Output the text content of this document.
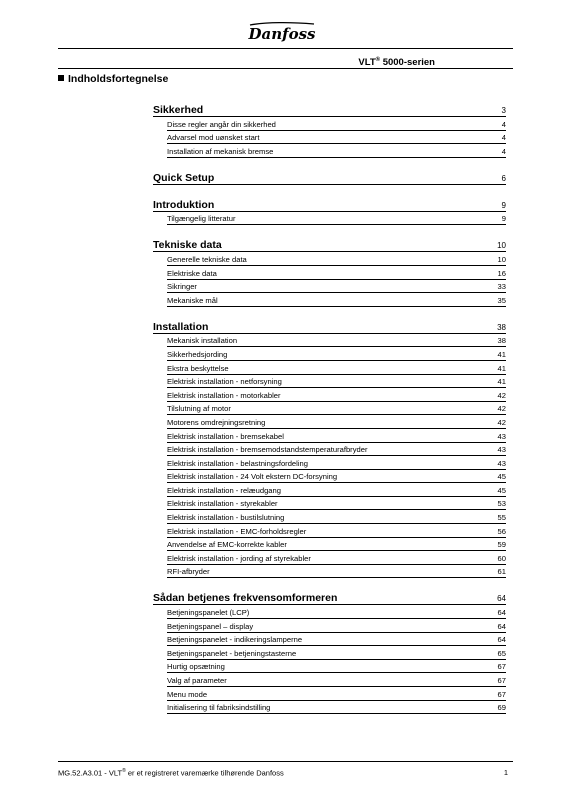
Danfoss
VLT® 5000-serien
Indholdsfortegnelse
Sikkerhed	3
Disse regler angår din sikkerhed	4
Advarsel mod uønsket start	4
Installation af mekanisk bremse	4
Quick Setup	6
Introduktion	9
Tilgængelig litteratur	9
Tekniske data	10
Generelle tekniske data	10
Elektriske data	16
Sikringer	33
Mekaniske mål	35
Installation	38
Mekanisk installation	38
Sikkerhedsjording	41
Ekstra beskyttelse	41
Elektrisk installation - netforsyning	41
Elektrisk installation - motorkabler	42
Tilslutning af motor	42
Motorens omdrejningsretning	42
Elektrisk installation - bremsekabel	43
Elektrisk installation - bremsemodstandstemperaturafbryder	43
Elektrisk installation - belastningsfordeling	43
Elektrisk installation - 24 Volt ekstern DC-forsyning	45
Elektrisk installation - relæudgang	45
Elektrisk installation - styrekabler	53
Elektrisk installation - bustilslutning	55
Elektrisk installation - EMC-forholdsregler	56
Anvendelse af EMC-korrekte kabler	59
Elektrisk installation - jording af styrekabler	60
RFI-afbryder	61
Sådan betjenes frekvensomformeren	64
Betjeningspanelet (LCP)	64
Betjeningspanel – display	64
Betjeningspanelet - indikeringslamperne	64
Betjeningspanelet - betjeningstasterne	65
Hurtig opsætning	67
Valg af parameter	67
Menu mode	67
Initialisering til fabriksindstilling	69
MG.52.A3.01 - VLT® er et registreret varemærke tilhørende Danfoss	1
